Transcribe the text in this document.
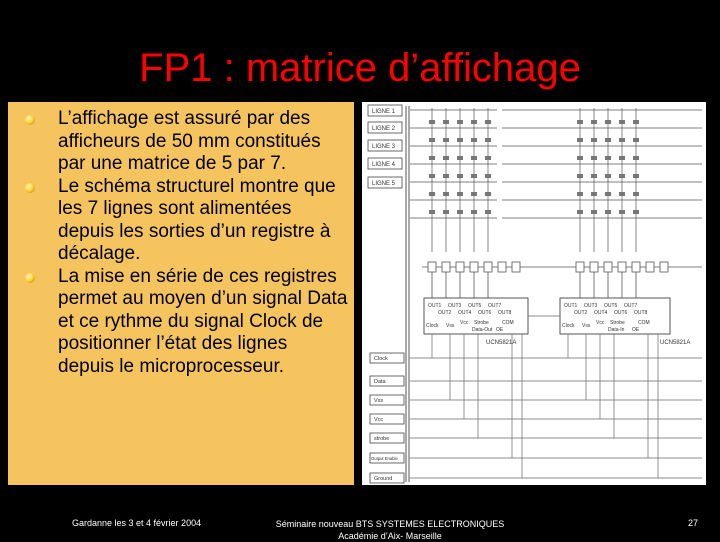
FP1 : matrice d’affichage
L’affichage est assuré par des afficheurs de 50 mm constitués par une matrice de 5 par 7.
Le schéma structurel montre que les 7 lignes sont alimentées depuis les sorties d’un registre à décalage.
La mise en série de ces registres permet au moyen d’un signal Data et ce rythme du signal Clock de positionner l’état des lignes depuis le microprocesseur.
LIGNE 1
LIGNE 2
LIGNE 3
LIGNE 4
LIGNE 5
OUT1 OUT3 OUT5 OUT7
OUT2 OUT4 OUT6 OUT8
Clock Vss Vcc Strobe
Data-Out OE
COM
UCN5821A
OUT1 OUT3 OUT5 OUT7
OUT2 OUT4 OUT6 OUT8
Clock Vss Vcc Strobe
Data-In OE
COM
UCN5821A
Clock
Data
Vss
Vcc
strobe
Output Enable
Ground
Gardanne les 3 et 4 février 2004	Séminaire nouveau BTS SYSTEMES ELECTRONIQUES
Académie d’Aix- Marseille
27
